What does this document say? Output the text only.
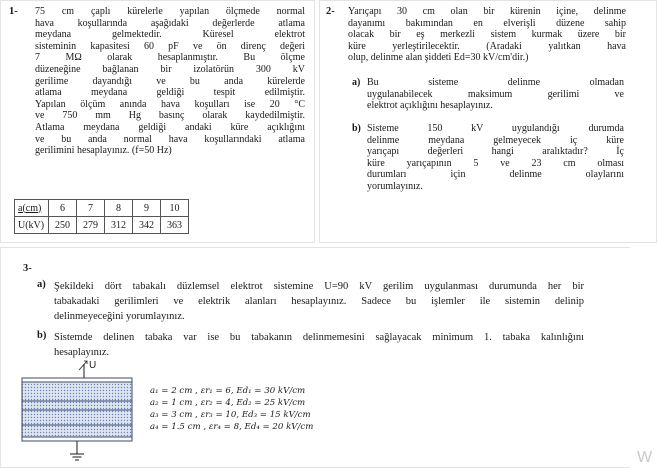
1- 75 cm çaplı kürelerle yapılan ölçmede normal

hava koşullarında aşağıdaki değerlerde atlama

meydana gelmektedir. Küresel elektrot

sisteminin kapasitesi 60 pF ve ön direnç değeri

7 MΩ olarak hesaplanmıştır. Bu ölçme

düzeneğine bağlanan bir izolatörün 300 kV

gerilime dayandığı ve bu anda kürelerde

atlama meydana geldiği tespit edilmiştir.

Yapılan ölçüm anında hava koşulları ise 20 °C

ve 750 mm Hg basınç olarak kaydedilmiştir.

Atlama meydana geldiği andaki küre açıklığını

ve bu anda normal hava koşullarındaki atlama

gerilimini hesaplayınız. (f=50 Hz)

a(cm)	6	7	8	9	10
U(kV)	250	279	312	342	363
2- Yarıçapı 30 cm olan bir kürenin içine, delinme

dayanımı bakımından en elverişli düzene sahip

olacak bir eş merkezli sistem kurmak üzere bir

küre yerleştirilecektir. (Aradaki yalıtkan hava

olup, delinme alan şiddeti Ed=30 kV/cm'dir.)

a) Bu sisteme delinme olmadan

uygulanabilecek maksimum gerilimi ve

elektrot açıklığını hesaplayınız.

b) Sisteme 150 kV uygulandığı durumda

delinme meydana gelmeyecek iç küre

yarıçapı değerleri hangi aralıktadır? İç

küre yarıçapının 5 ve 23 cm olması

durumları için delinme olaylarını

yorumlayınız.

3-
a) Şekildeki dört tabakalı düzlemsel elektrot sistemine U=90 kV gerilim uygulanması durumunda her bir

tabakadaki gerilimleri ve elektrik alanları hesaplayınız. Sadece bu işlemler ile sistemin delinip

delinmeyeceğini yorumlayınız.

b) Sistemde delinen tabaka var ise bu tabakanın delinmemesini sağlayacak minimum 1. tabaka kalınlığını

hesaplayınız.

U
a₁ = 2 cm , εr₁ = 6, Ed₁ = 30 kV/cm
a₂ = 1 cm , εr₂ = 4, Ed₂ = 25 kV/cm
a₃ = 3 cm , εr₃ = 10, Ed₃ = 15 kV/cm
a₄ = 1.5 cm , εr₄ = 8, Ed₄ = 20 kV/cm
W
